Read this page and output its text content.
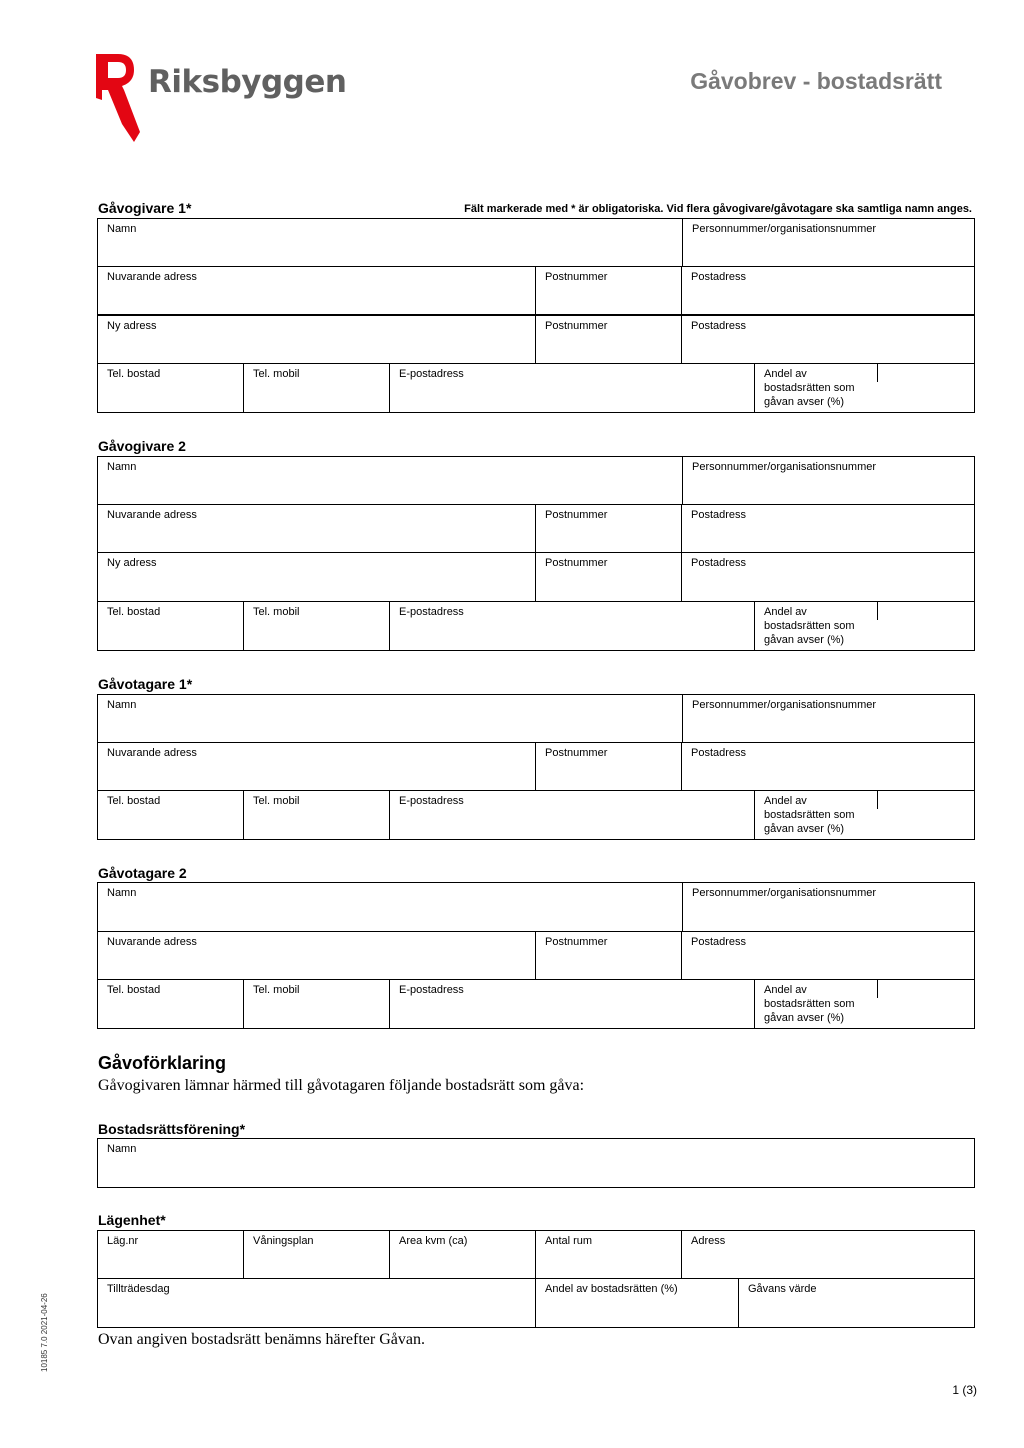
Riksbyggen	Gåvobrev - bostadsrätt
Gåvogivare 1*	Fält markerade med * är obligatoriska. Vid flera gåvogivare/gåvotagare ska samtliga namn anges.
Namn	Personnummer/organisationsnummer
Nuvarande adress	Postnummer	Postadress
Ny adress	Postnummer	Postadress
Tel. bostad	Tel. mobil	E-postadress	Andel av
bostadsrätten som
gåvan avser (%)
Gåvogivare 2
Namn	Personnummer/organisationsnummer
Nuvarande adress	Postnummer	Postadress
Ny adress	Postnummer	Postadress
Tel. bostad	Tel. mobil	E-postadress	Andel av
bostadsrätten som
gåvan avser (%)
Gåvotagare 1*
Namn	Personnummer/organisationsnummer
Nuvarande adress	Postnummer	Postadress
Tel. bostad	Tel. mobil	E-postadress	Andel av
bostadsrätten som
gåvan avser (%)
Gåvotagare 2
Namn	Personnummer/organisationsnummer
Nuvarande adress	Postnummer	Postadress
Tel. bostad	Tel. mobil	E-postadress	Andel av
bostadsrätten som
gåvan avser (%)
Gåvoförklaring
Gåvogivaren lämnar härmed till gåvotagaren följande bostadsrätt som gåva:
Bostadsrättsförening*
Namn
Lägenhet*
Läg.nr	Våningsplan	Area kvm (ca)	Antal rum	Adress
Tillträdesdag	Andel av bostadsrätten (%)	Gåvans värde
Ovan angiven bostadsrätt benämns härefter Gåvan.
10185 7.0 2021-04-26
1 (3)
